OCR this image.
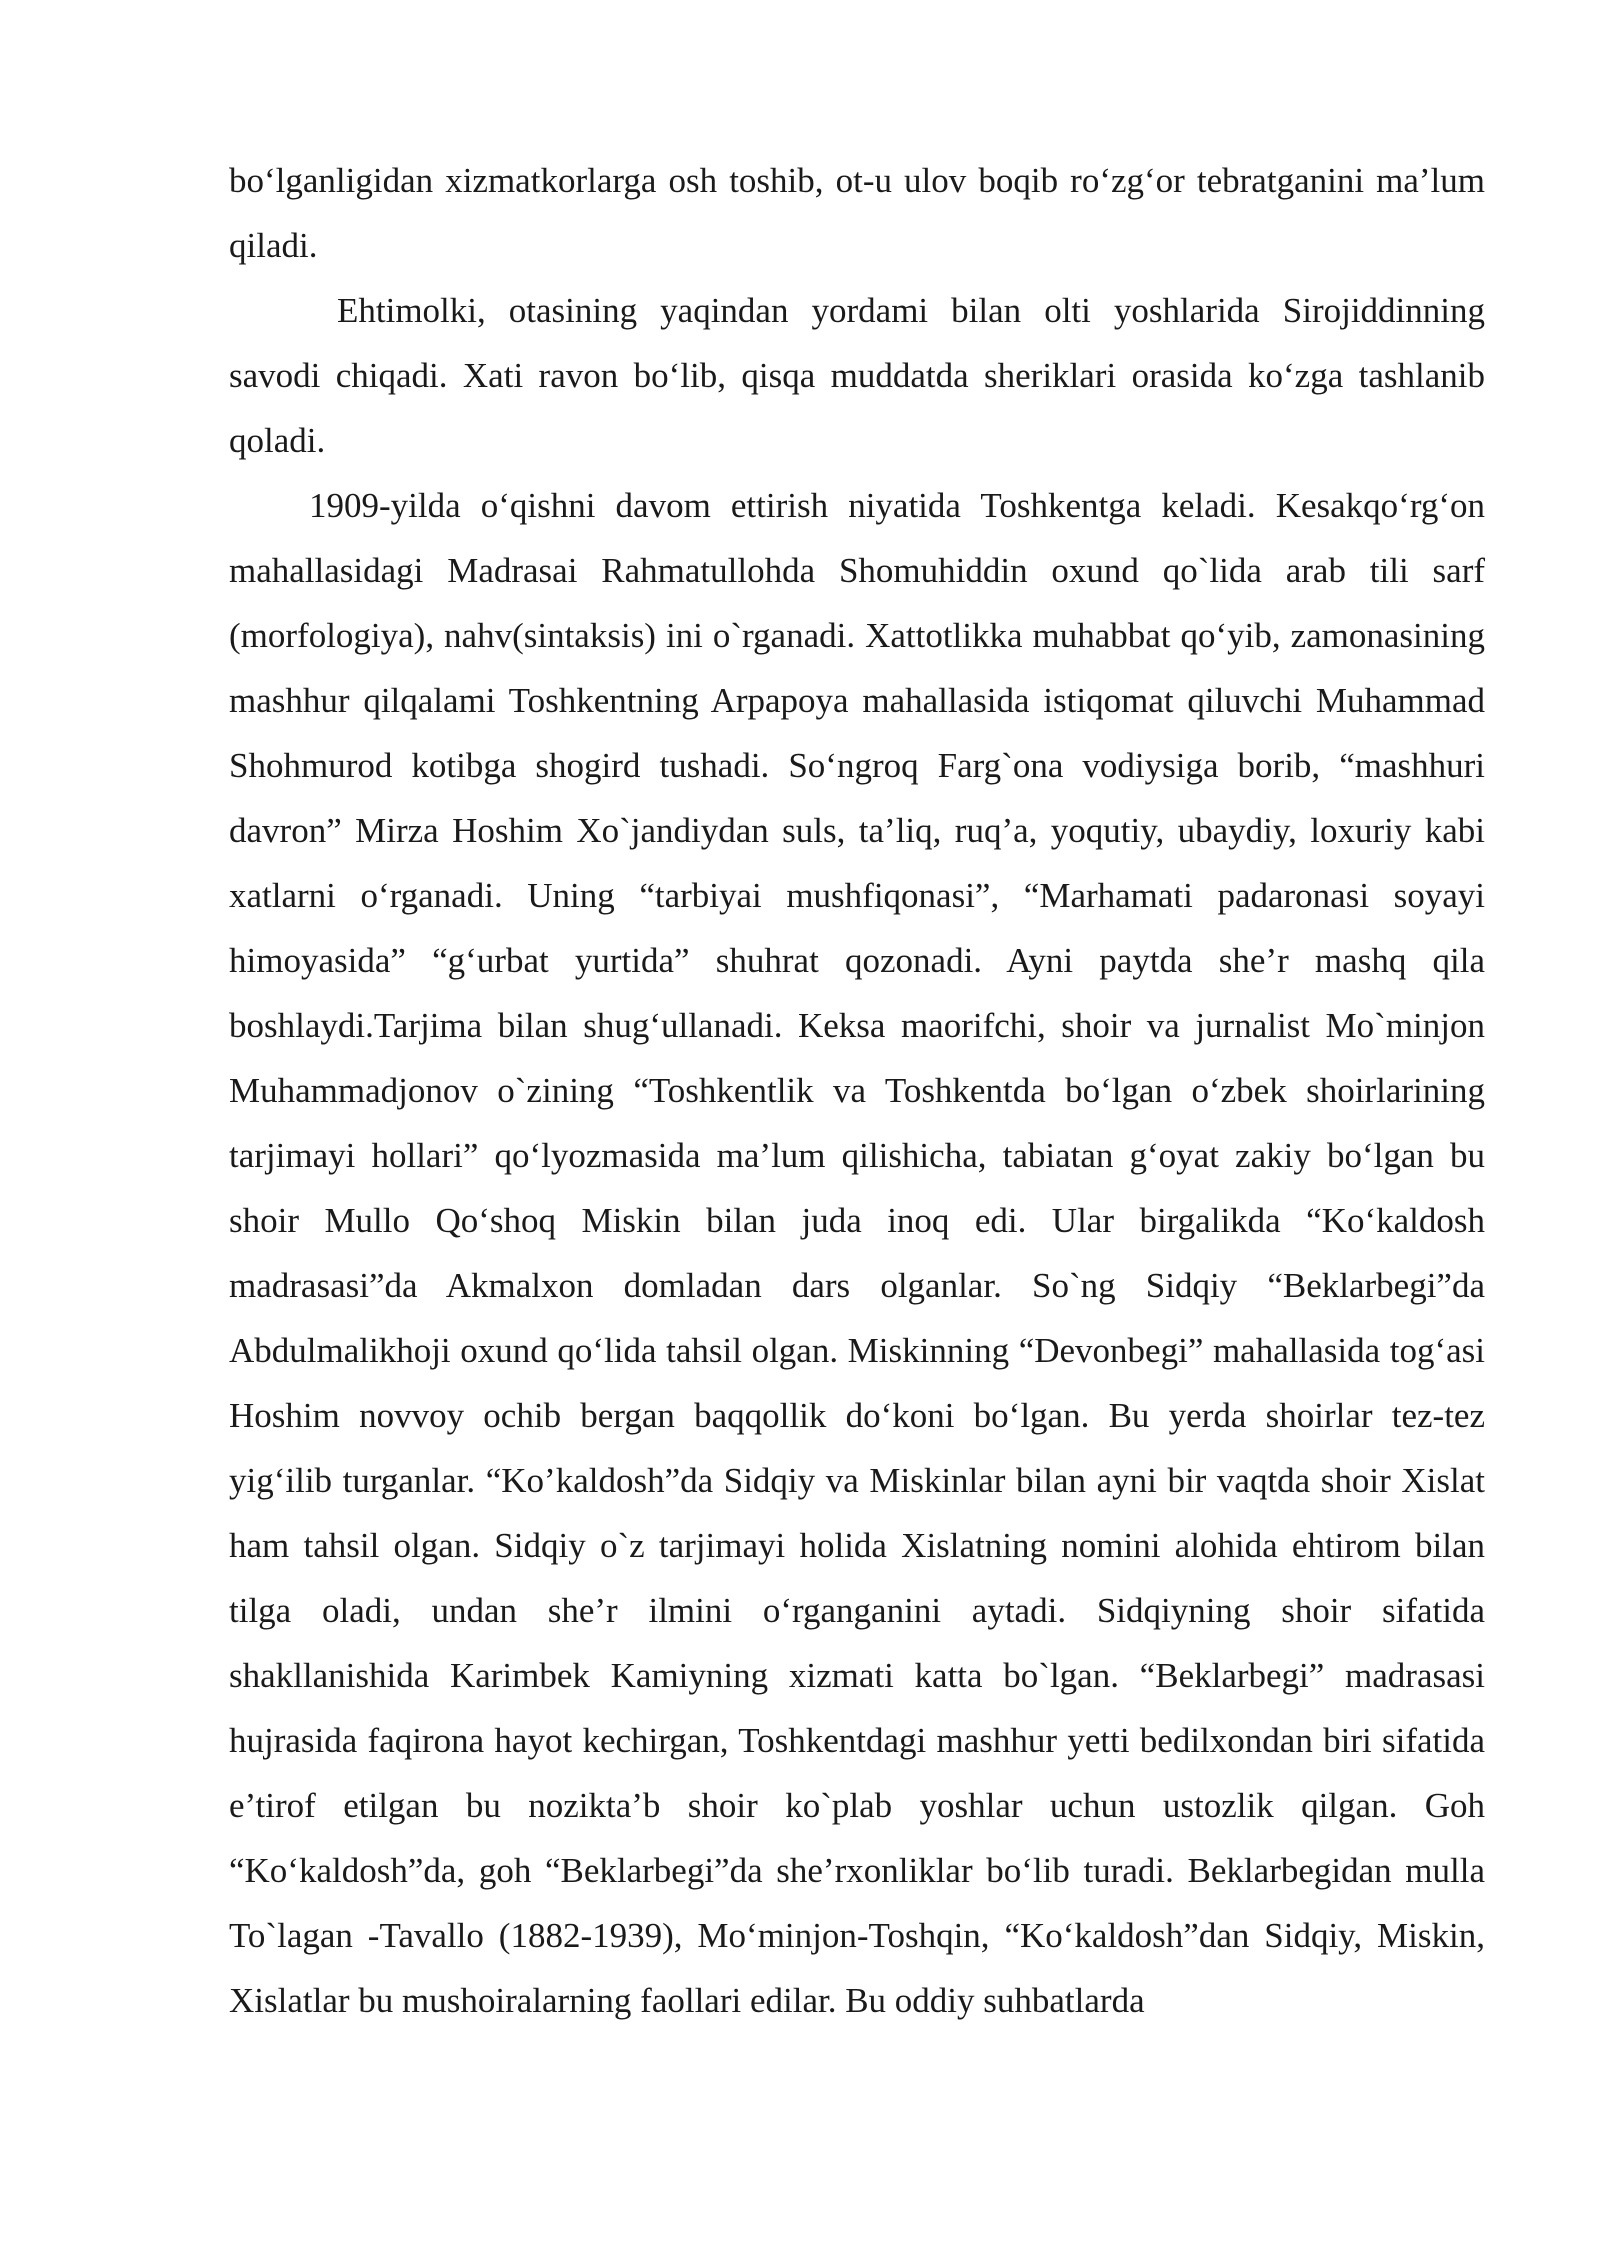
bo‘lganligidan xizmatkorlarga osh toshib, ot-u ulov boqib ro‘zg‘or tebratganini ma’lum qiladi.

Ehtimolki, otasining yaqindan yordami bilan olti yoshlarida Sirojiddinning savodi chiqadi. Xati ravon bo‘lib, qisqa muddatda sheriklari orasida ko‘zga tashlanib qoladi.

1909-yilda o‘qishni davom ettirish niyatida Toshkentga keladi. Kesakqo‘rg‘on mahallasidagi Madrasai Rahmatullohda Shomuhiddin oxund qo`lida arab tili sarf (morfologiya), nahv(sintaksis) ini o`rganadi. Xattotlikka muhabbat qo‘yib, zamonasining mashhur qilqalami Toshkentning Arpapoya mahallasida istiqomat qiluvchi Muhammad Shohmurod kotibga shogird tushadi. So‘ngroq Farg`ona vodiysiga borib, “mashhuri davron” Mirza Hoshim Xo`jandiydan suls, ta’liq, ruq’a, yoqutiy, ubaydiy, loxuriy kabi xatlarni o‘rganadi. Uning “tarbiyai mushfiqonasi”, “Marhamati padaronasi soyayi himoyasida” “g‘urbat yurtida” shuhrat qozonadi. Ayni paytda she’r mashq qila boshlaydi.Tarjima bilan shug‘ullanadi. Keksa maorifchi, shoir va jurnalist Mo`minjon Muhammadjonov o`zining “Toshkentlik va Toshkentda bo‘lgan o‘zbek shoirlarining tarjimayi hollari” qo‘lyozmasida ma’lum qilishicha, tabiatan g‘oyat zakiy bo‘lgan bu shoir Mullo Qo‘shoq Miskin bilan juda inoq edi. Ular birgalikda “Ko‘kaldosh madrasasi”da Akmalxon domladan dars olganlar. So`ng Sidqiy “Beklarbegi”da Abdulmalikhoji oxund qo‘lida tahsil olgan. Miskinning “Devonbegi” mahallasida tog‘asi Hoshim novvoy ochib bergan baqqollik do‘koni bo‘lgan. Bu yerda shoirlar tez-tez yig‘ilib turganlar. “Ko’kaldosh”da Sidqiy va Miskinlar bilan ayni bir vaqtda shoir Xislat ham tahsil olgan. Sidqiy o`z tarjimayi holida Xislatning nomini alohida ehtirom bilan tilga oladi, undan she’r ilmini o‘rganganini aytadi. Sidqiyning shoir sifatida shakllanishida Karimbek Kamiyning xizmati katta bo`lgan. “Beklarbegi” madrasasi hujrasida faqirona hayot kechirgan, Toshkentdagi mashhur yetti bedilxondan biri sifatida e’tirof etilgan bu nozikta’b shoir ko`plab yoshlar uchun ustozlik qilgan. Goh “Ko‘kaldosh”da, goh “Beklarbegi”da she’rxonliklar bo‘lib turadi. Beklarbegidan mulla To`lagan -Tavallo (1882-1939), Mo‘minjon-Toshqin, “Ko‘kaldosh”dan Sidqiy, Miskin, Xislatlar bu mushoiralarning faollari edilar. Bu oddiy suhbatlarda
